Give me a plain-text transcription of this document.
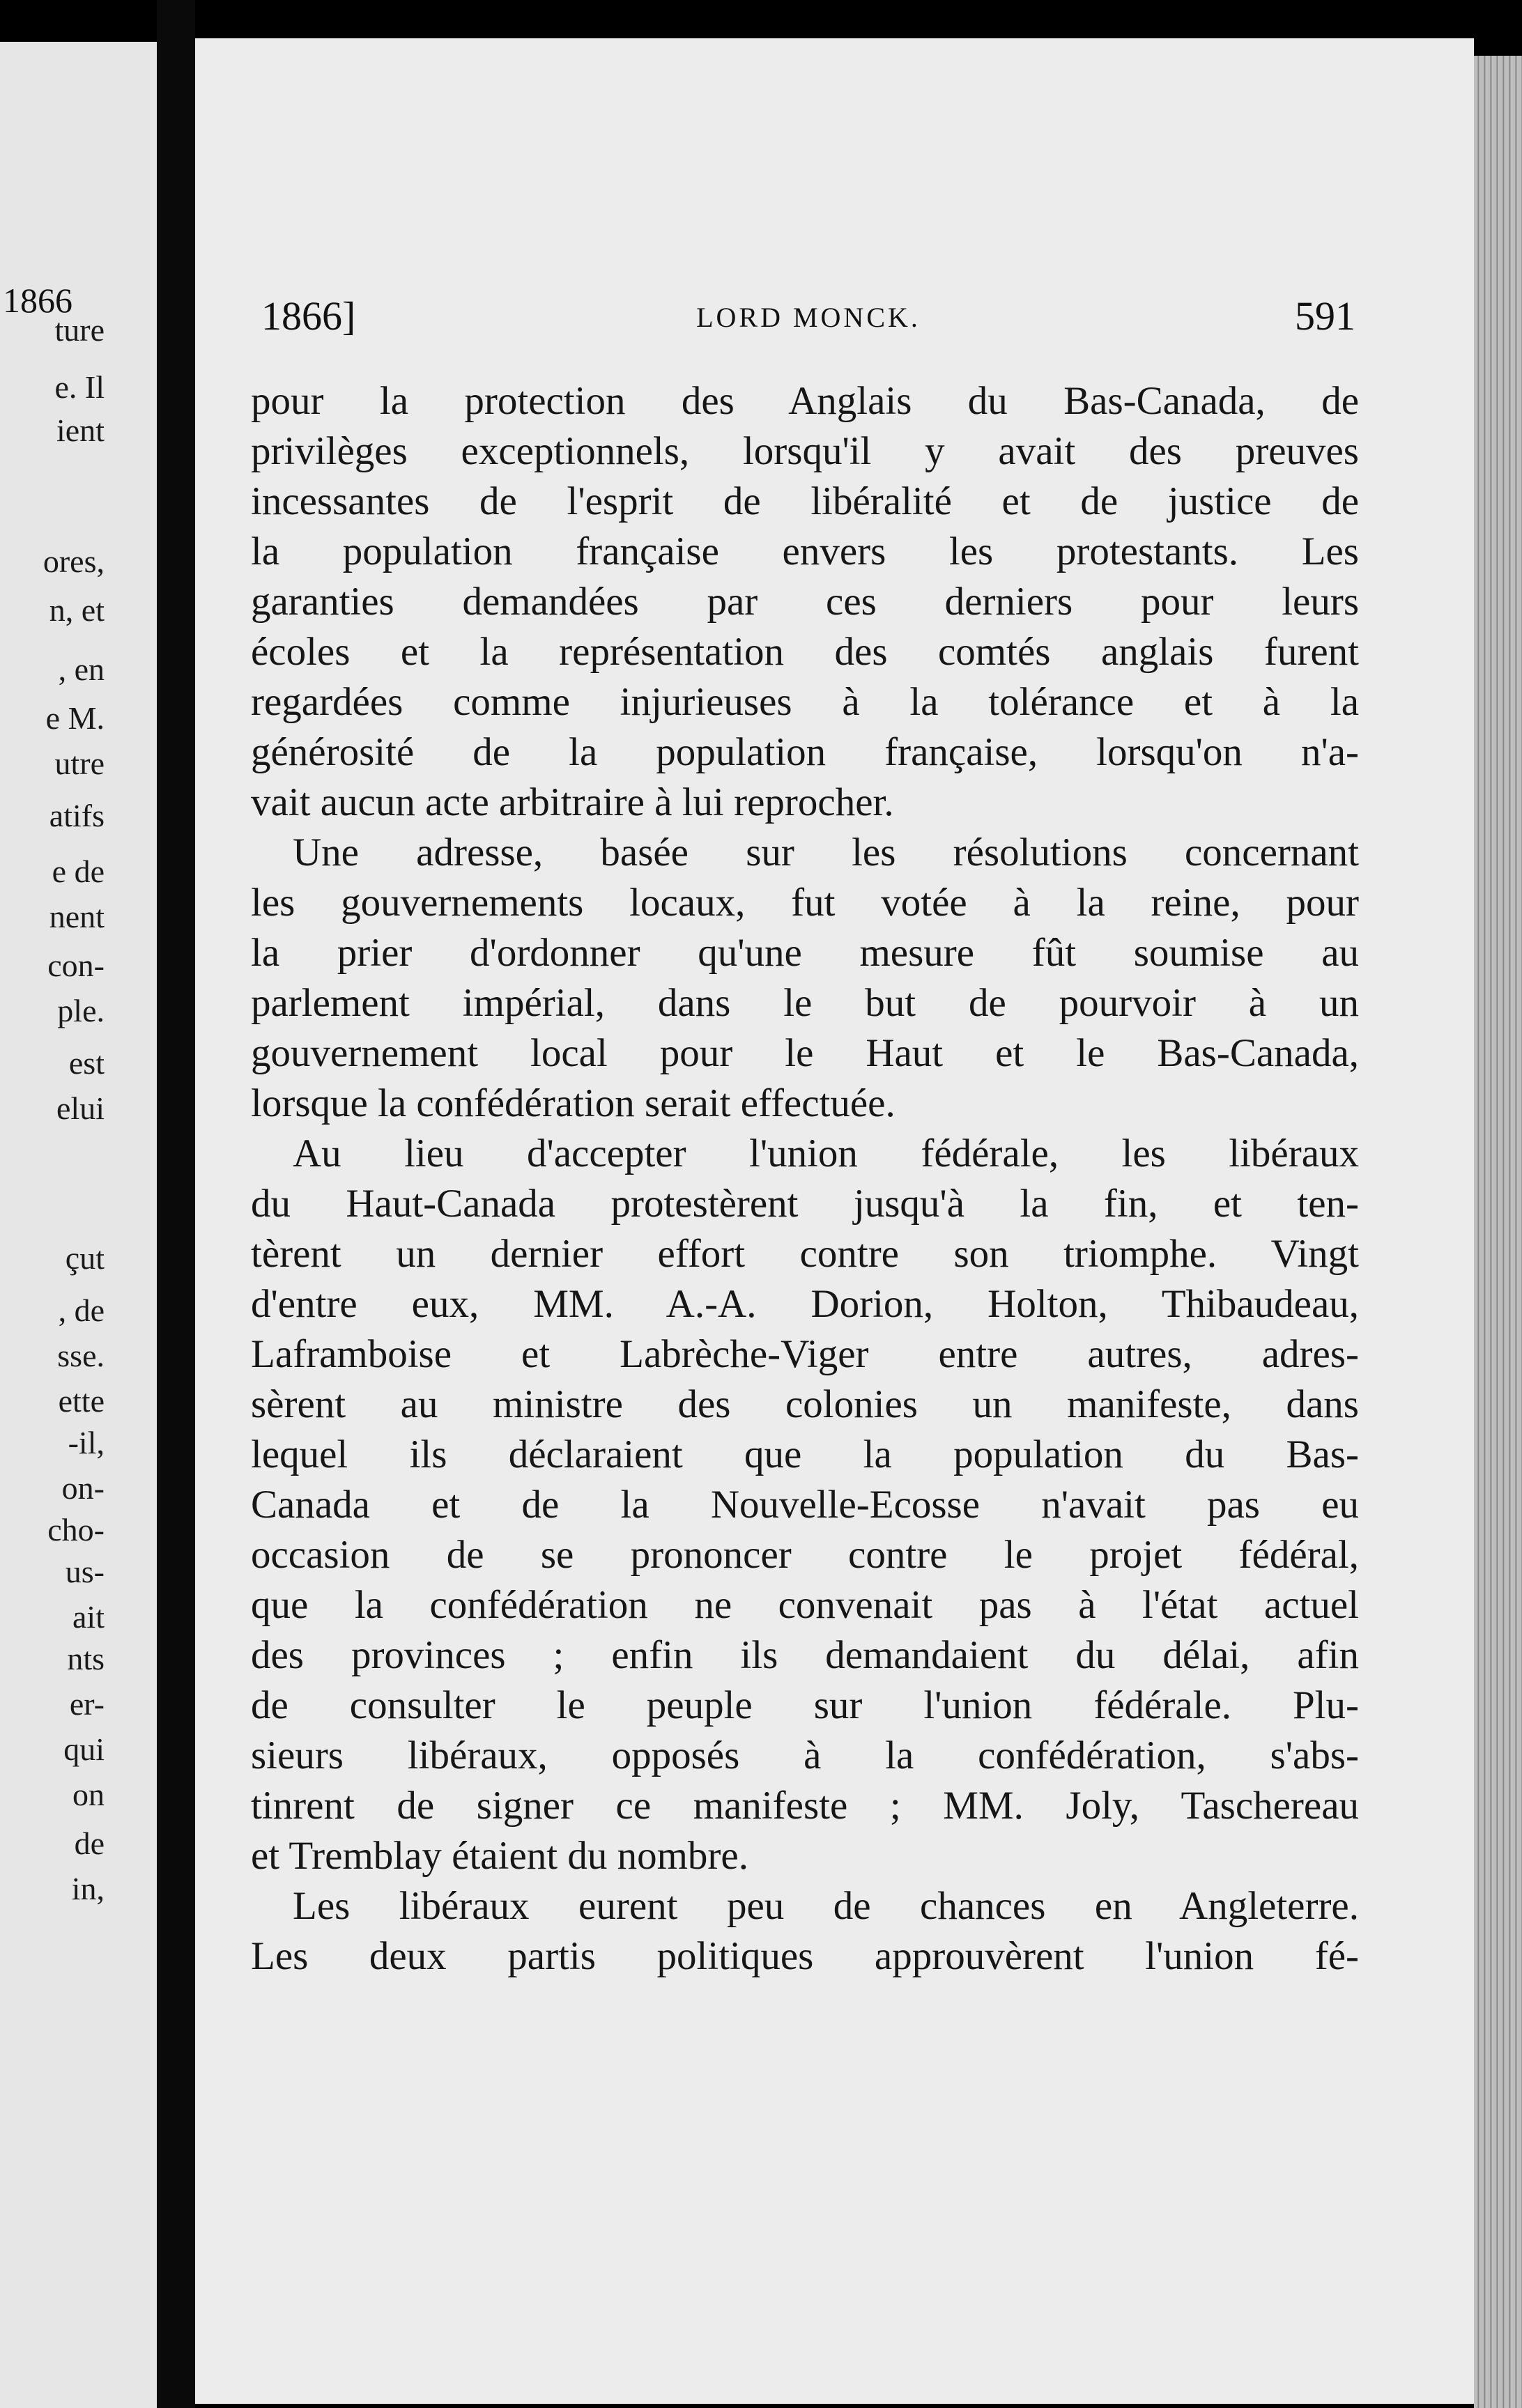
1866
ture
e. Il
ient
ores,
n, et
, en
e M.
utre
atifs
e de
nent
con-
ple.
est
elui
çut
, de
sse.
ette
-il,
on-
cho-
us-
ait
nts
er-
qui
on
de
in,
1866]	LORD MONCK.	591
pour la protection des Anglais du Bas-Canada, de
privilèges exceptionnels, lorsqu'il y avait des preuves
incessantes de l'esprit de libéralité et de justice de
la population française envers les protestants. Les
garanties demandées par ces derniers pour leurs
écoles et la représentation des comtés anglais furent
regardées comme injurieuses à la tolérance et à la
générosité de la population française, lorsqu'on n'a-
vait aucun acte arbitraire à lui reprocher.
Une adresse, basée sur les résolutions concernant
les gouvernements locaux, fut votée à la reine, pour
la prier d'ordonner qu'une mesure fût soumise au
parlement impérial, dans le but de pourvoir à un
gouvernement local pour le Haut et le Bas-Canada,
lorsque la confédération serait effectuée.
Au lieu d'accepter l'union fédérale, les libéraux
du Haut-Canada protestèrent jusqu'à la fin, et ten-
tèrent un dernier effort contre son triomphe. Vingt
d'entre eux, MM. A.-A. Dorion, Holton, Thibaudeau,
Laframboise et Labrèche-Viger entre autres, adres-
sèrent au ministre des colonies un manifeste, dans
lequel ils déclaraient que la population du Bas-
Canada et de la Nouvelle-Ecosse n'avait pas eu
occasion de se prononcer contre le projet fédéral,
que la confédération ne convenait pas à l'état actuel
des provinces ; enfin ils demandaient du délai, afin
de consulter le peuple sur l'union fédérale. Plu-
sieurs libéraux, opposés à la confédération, s'abs-
tinrent de signer ce manifeste ; MM. Joly, Taschereau
et Tremblay étaient du nombre.
Les libéraux eurent peu de chances en Angleterre.
Les deux partis politiques approuvèrent l'union fé-
